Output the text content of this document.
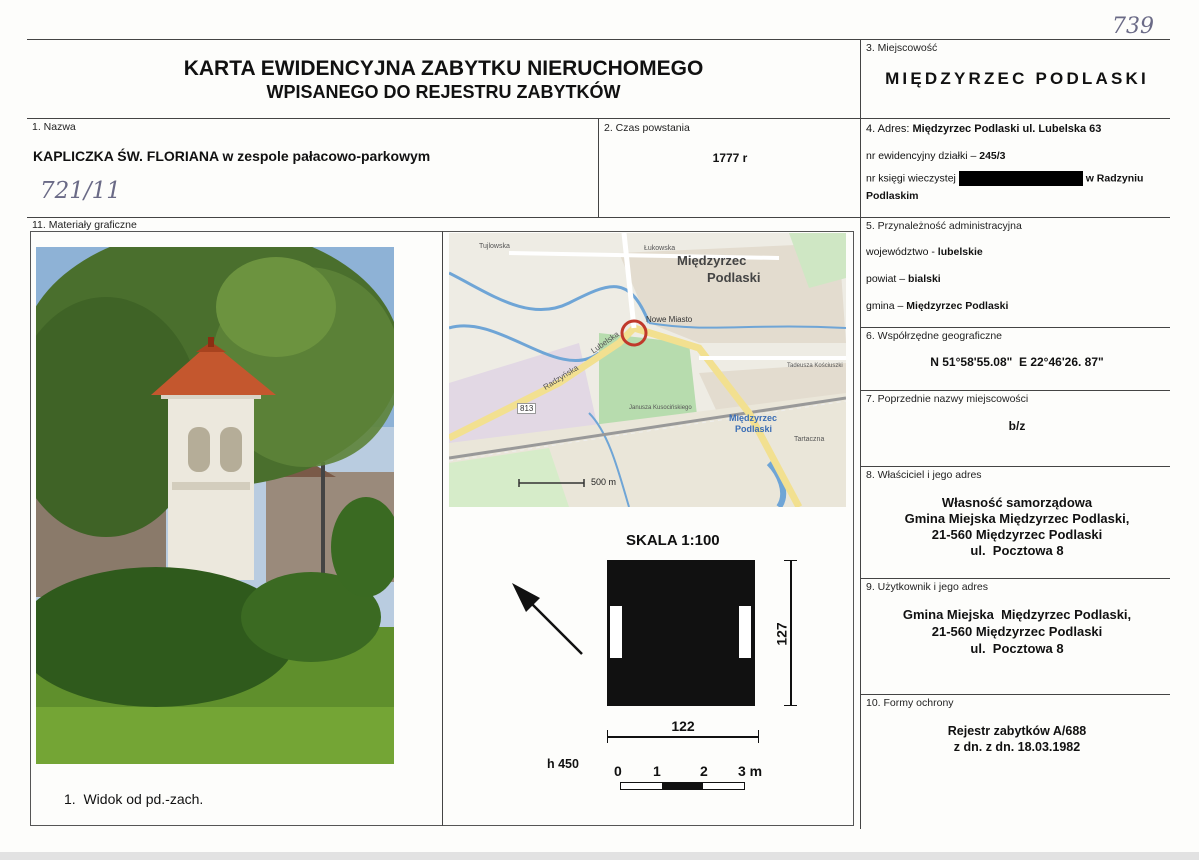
739
KARTA EWIDENCYJNA ZABYTKU NIERUCHOMEGO
WPISANEGO DO REJESTRU ZABYTKÓW
3. Miejscowość
MIĘDZYRZEC PODLASKI
1. Nazwa
KAPLICZKA ŚW. FLORIANA w zespole pałacowo-parkowym
721/11
2. Czas powstania
1777 r
4. Adres: Międzyrzec Podlaski ul. Lubelska 63
nr ewidencyjny działki – 245/3
nr księgi wieczystej	w Radzyniu
Podlaskim
5. Przynależność administracyjna
województwo - lubelskie
powiat – bialski
gmina – Międzyrzec Podlaski
6. Współrzędne geograficzne
N 51°58'55.08"  E 22°46'26. 87"
7. Poprzednie nazwy miejscowości
b/z
8. Właściciel i jego adres
Własność samorządowa
Gmina Miejska Międzyrzec Podlaski,
21-560 Międzyrzec Podlaski
ul.  Pocztowa 8
9. Użytkownik i jego adres
Gmina Miejska  Międzyrzec Podlaski,
21-560 Międzyrzec Podlaski
ul.  Pocztowa 8
10. Formy ochrony
Rejestr zabytków A/688
z dn. z dn. 18.03.1982
11. Materiały graficzne
1.  Widok od pd.-zach.
Międzyrzec
Podlaski
Nowe Miasto
Tujlowska	Łukowska
Radzyńska
Lubelska
813
Tadeusza Kościuszki
Janusza Kusocińskiego
Międzyrzec
Podlaski
Tartaczna
500 m
SKALA 1:100
127
122
h 450	0 1	2 3 m
